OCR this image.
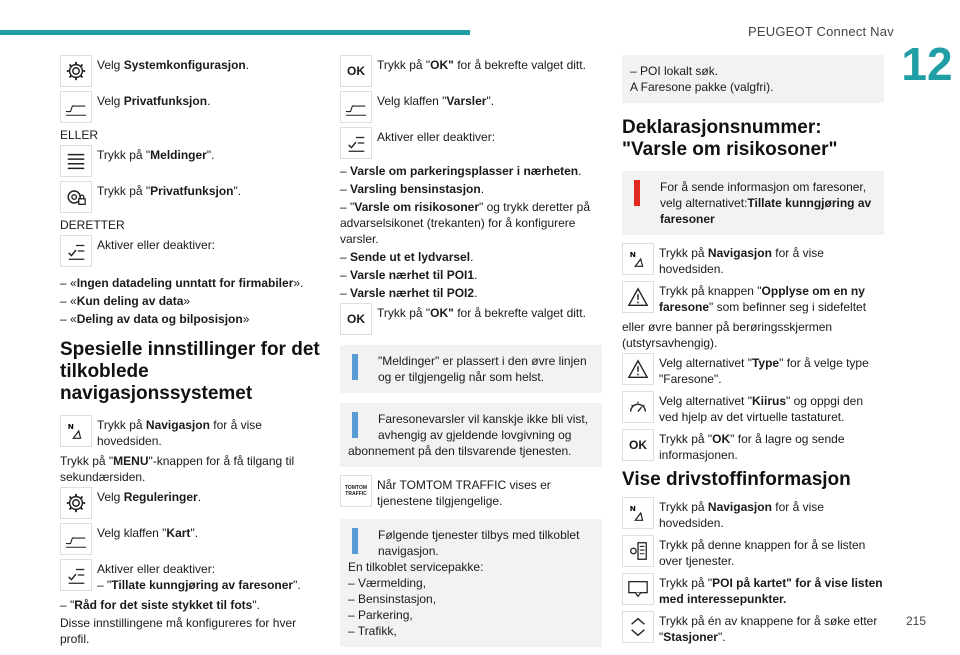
PEUGEOT Connect Nav
12
Velg Systemkonfigurasjon.
Velg Privatfunksjon.
ELLER
Trykk på "Meldinger".
Trykk på "Privatfunksjon".
DERETTER
Aktiver eller deaktiver:
– «Ingen datadeling unntatt for firmabiler».
– «Kun deling av data»
– «Deling av data og bilposisjon»
Spesielle innstillinger for det tilkoblede navigasjonssystemet
N Trykk på Navigasjon for å vise hovedsiden.
Trykk på "MENU"-knappen for å få tilgang til sekundærsiden.
Velg Reguleringer.
Velg klaffen "Kart".
Aktiver eller deaktiver:
– "Tillate kunngjøring av faresoner".
– "Råd for det siste stykket til fots".
Disse innstillingene må konfigureres for hver profil.
OK Trykk på "OK" for å bekrefte valget ditt.
Velg klaffen "Varsler".
Aktiver eller deaktiver:
– Varsle om parkeringsplasser i nærheten.
– Varsling bensinstasjon.
– "Varsle om risikosoner" og trykk deretter på advarselsikonet (trekanten) for å konfigurere varsler.
– Sende ut et lydvarsel.
– Varsle nærhet til POI1.
– Varsle nærhet til POI2.
OK Trykk på "OK" for å bekrefte valget ditt.
"Meldinger" er plassert i den øvre linjen og er tilgjengelig når som helst.
Faresonevarsler vil kanskje ikke bli vist, avhengig av gjeldende lovgivning og
abonnement på den tilsvarende tjenesten.
TOMTOM TRAFFIC
Når TOMTOM TRAFFIC vises er tjenestene tilgjengelige.
Følgende tjenester tilbys med tilkoblet navigasjon.
En tilkoblet servicepakke:
– Værmelding,
– Bensinstasjon,
– Parkering,
– Trafikk,
– POI lokalt søk.
A Faresone pakke (valgfri).
Deklarasjonsnummer: "Varsle om risikosoner"
For å sende informasjon om faresoner, velg alternativet:Tillate kunngjøring av faresoner
N Trykk på Navigasjon for å vise hovedsiden.
Trykk på knappen "Opplyse om en ny faresone" som befinner seg i sidefeltet
eller øvre banner på berøringsskjermen (utstyrsavhengig).
Velg alternativet "Type" for å velge type "Faresone".
Velg alternativet "Kiirus" og oppgi den ved hjelp av det virtuelle tastaturet.
OK Trykk på "OK" for å lagre og sende informasjonen.
Vise drivstoffinformasjon
N Trykk på Navigasjon for å vise hovedsiden.
Trykk på denne knappen for å se listen over tjenester.
Trykk på "POI på kartet" for å vise listen med interessepunkter.
Trykk på én av knappene for å søke etter "Stasjoner".
215
